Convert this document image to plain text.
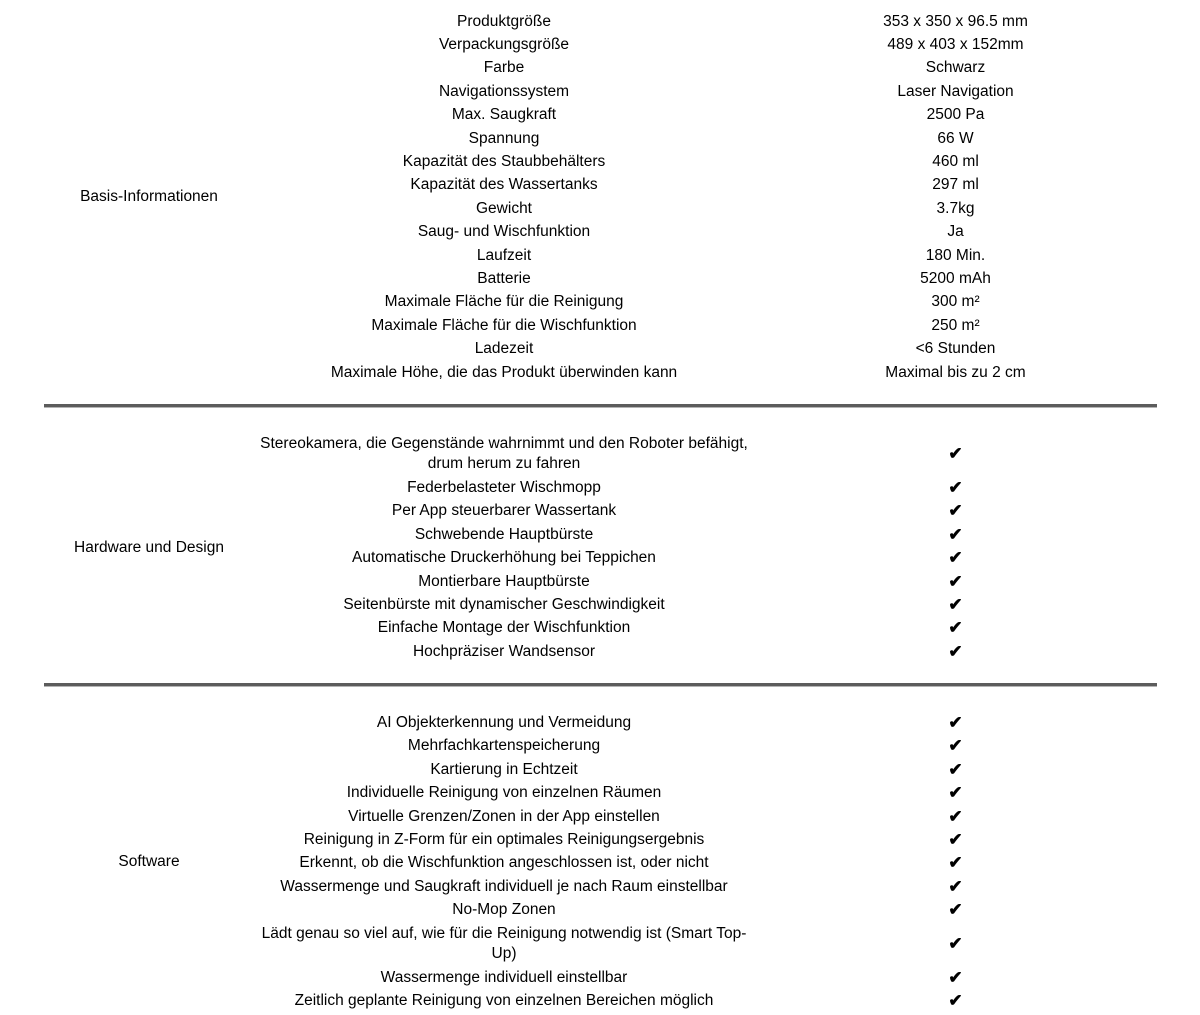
Basis-Informationen	Produktgröße	353 x 350 x 96.5 mm
	Verpackungsgröße	489 x 403 x 152mm
	Farbe	Schwarz
	Navigationssystem	Laser Navigation
	Max. Saugkraft	2500 Pa
	Spannung	66 W
	Kapazität des Staubbehälters	460 ml
	Kapazität des Wassertanks	297 ml
	Gewicht	3.7kg
	Saug- und Wischfunktion	Ja
	Laufzeit	180 Min.
	Batterie	5200 mAh
	Maximale Fläche für die Reinigung	300 m²
	Maximale Fläche für die Wischfunktion	250 m²
	Ladezeit	<6 Stunden
	Maximale Höhe, die das Produkt überwinden kann	Maximal bis zu 2 cm
Hardware und Design	Stereokamera, die Gegenstände wahrnimmt und den Roboter befähigt, drum herum zu fahren	✔
	Federbelasteter Wischmopp	✔
	Per App steuerbarer Wassertank	✔
	Schwebende Hauptbürste	✔
	Automatische Druckerhöhung bei Teppichen	✔
	Montierbare Hauptbürste	✔
	Seitenbürste mit dynamischer Geschwindigkeit	✔
	Einfache Montage der Wischfunktion	✔
	Hochpräziser Wandsensor	✔
Software	AI Objekterkennung und Vermeidung	✔
	Mehrfachkartenspeicherung	✔
	Kartierung in Echtzeit	✔
	Individuelle Reinigung von einzelnen Räumen	✔
	Virtuelle Grenzen/Zonen in der App einstellen	✔
	Reinigung in Z-Form für ein optimales Reinigungsergebnis	✔
	Erkennt, ob die Wischfunktion angeschlossen ist, oder nicht	✔
	Wassermenge und Saugkraft individuell je nach Raum einstellbar	✔
	No-Mop Zonen	✔
	Lädt genau so viel auf, wie für die Reinigung notwendig ist (Smart Top-Up)	✔
	Wassermenge individuell einstellbar	✔
	Zeitlich geplante Reinigung von einzelnen Bereichen möglich	✔
